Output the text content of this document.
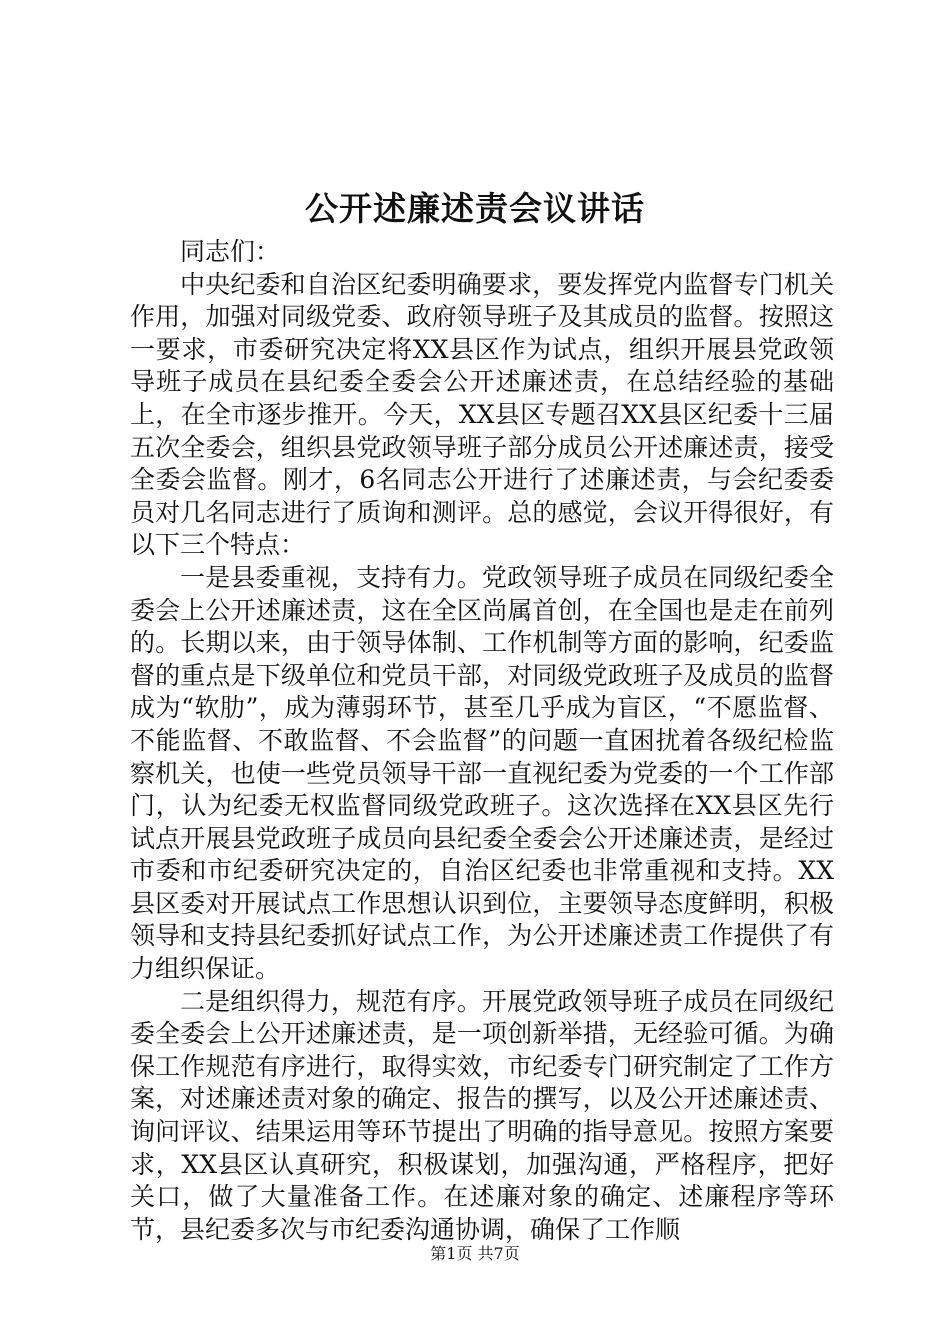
公开述廉述责会议讲话

同志们：

中央纪委和自治区纪委明确要求，要发挥党内监督专门机关作用，加强对同级党委、政府领导班子及其成员的监督。按照这一要求，市委研究决定将XX县区作为试点，组织开展县党政领导班子成员在县纪委全委会公开述廉述责，在总结经验的基础上，在全市逐步推开。今天，XX县区专题召XX县区纪委十三届五次全委会，组织县党政领导班子部分成员公开述廉述责，接受全委会监督。刚才，6名同志公开进行了述廉述责，与会纪委委员对几名同志进行了质询和测评。总的感觉，会议开得很好，有以下三个特点：

一是县委重视，支持有力。党政领导班子成员在同级纪委全委会上公开述廉述责，这在全区尚属首创，在全国也是走在前列的。长期以来，由于领导体制、工作机制等方面的影响，纪委监督的重点是下级单位和党员干部，对同级党政班子及成员的监督成为“软肋”，成为薄弱环节，甚至几乎成为盲区，“不愿监督、不能监督、不敢监督、不会监督”的问题一直困扰着各级纪检监察机关，也使一些党员领导干部一直视纪委为党委的一个工作部门，认为纪委无权监督同级党政班子。这次选择在XX县区先行试点开展县党政班子成员向县纪委全委会公开述廉述责，是经过市委和市纪委研究决定的，自治区纪委也非常重视和支持。XX县区委对开展试点工作思想认识到位，主要领导态度鲜明，积极领导和支持县纪委抓好试点工作，为公开述廉述责工作提供了有力组织保证。

二是组织得力，规范有序。开展党政领导班子成员在同级纪委全委会上公开述廉述责，是一项创新举措，无经验可循。为确保工作规范有序进行，取得实效，市纪委专门研究制定了工作方案，对述廉述责对象的确定、报告的撰写，以及公开述廉述责、询问评议、结果运用等环节提出了明确的指导意见。按照方案要求，XX县区认真研究，积极谋划，加强沟通，严格程序，把好关口，做了大量准备工作。在述廉对象的确定、述廉程序等环节，县纪委多次与市纪委沟通协调，确保了工作顺

第1页 共7页
